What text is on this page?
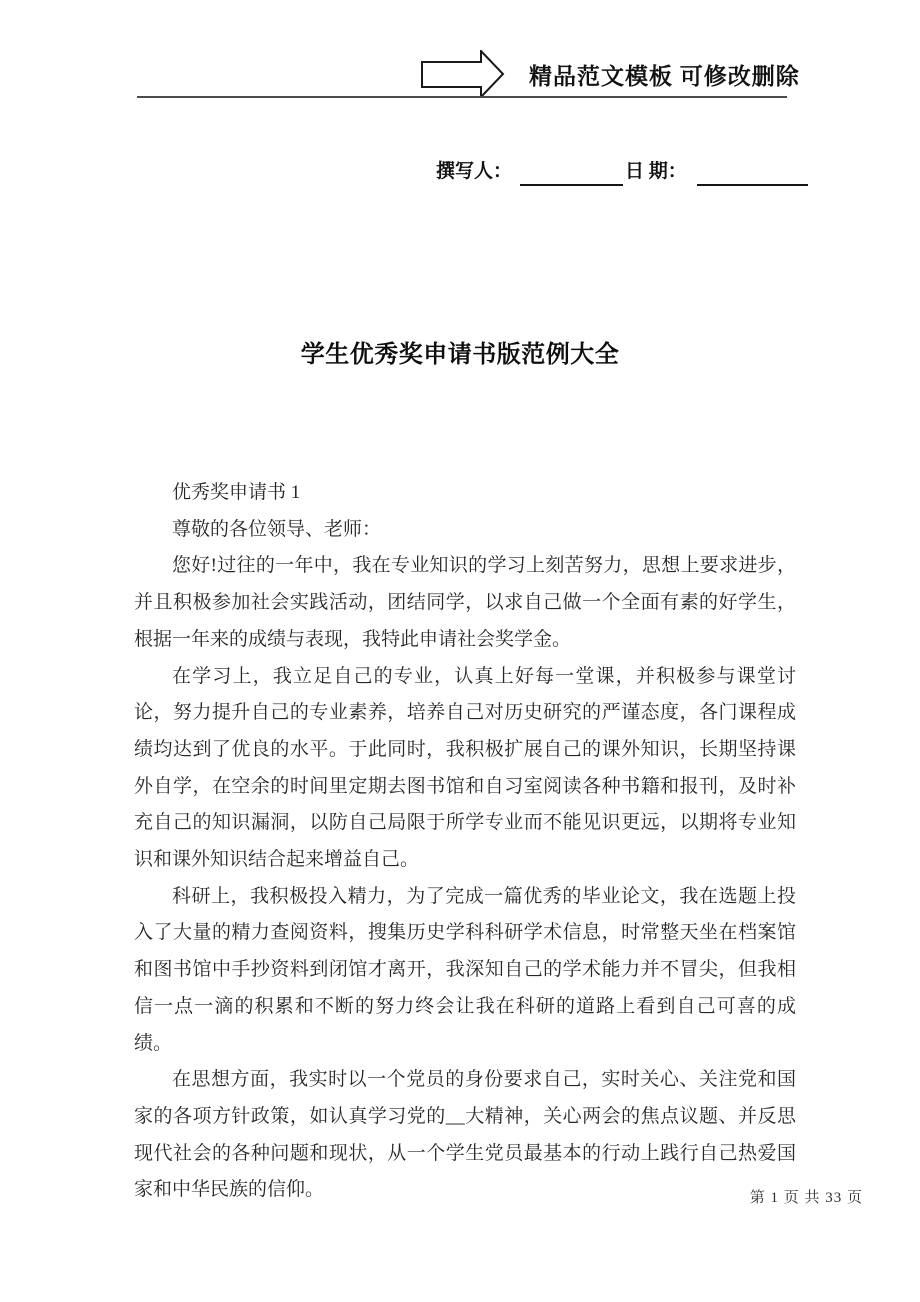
精品范文模板 可修改删除
撰写人：	日 期：
学生优秀奖申请书版范例大全

优秀奖申请书 1

尊敬的各位领导、老师：

您好!过往的一年中，我在专业知识的学习上刻苦努力，思想上要求进步，并且积极参加社会实践活动，团结同学，以求自己做一个全面有素的好学生，根据一年来的成绩与表现，我特此申请社会奖学金。

在学习上，我立足自己的专业，认真上好每一堂课，并积极参与课堂讨论，努力提升自己的专业素养，培养自己对历史研究的严谨态度，各门课程成绩均达到了优良的水平。于此同时，我积极扩展自己的课外知识，长期坚持课外自学，在空余的时间里定期去图书馆和自习室阅读各种书籍和报刊，及时补充自己的知识漏洞，以防自己局限于所学专业而不能见识更远，以期将专业知识和课外知识结合起来增益自己。

科研上，我积极投入精力，为了完成一篇优秀的毕业论文，我在选题上投入了大量的精力查阅资料，搜集历史学科科研学术信息，时常整天坐在档案馆和图书馆中手抄资料到闭馆才离开，我深知自己的学术能力并不冒尖，但我相信一点一滴的积累和不断的努力终会让我在科研的道路上看到自己可喜的成绩。

在思想方面，我实时以一个党员的身份要求自己，实时关心、关注党和国家的各项方针政策，如认真学习党的__大精神，关心两会的焦点议题、并反思现代社会的各种问题和现状，从一个学生党员最基本的行动上践行自己热爱国家和中华民族的信仰。	第 1 页 共 33 页
